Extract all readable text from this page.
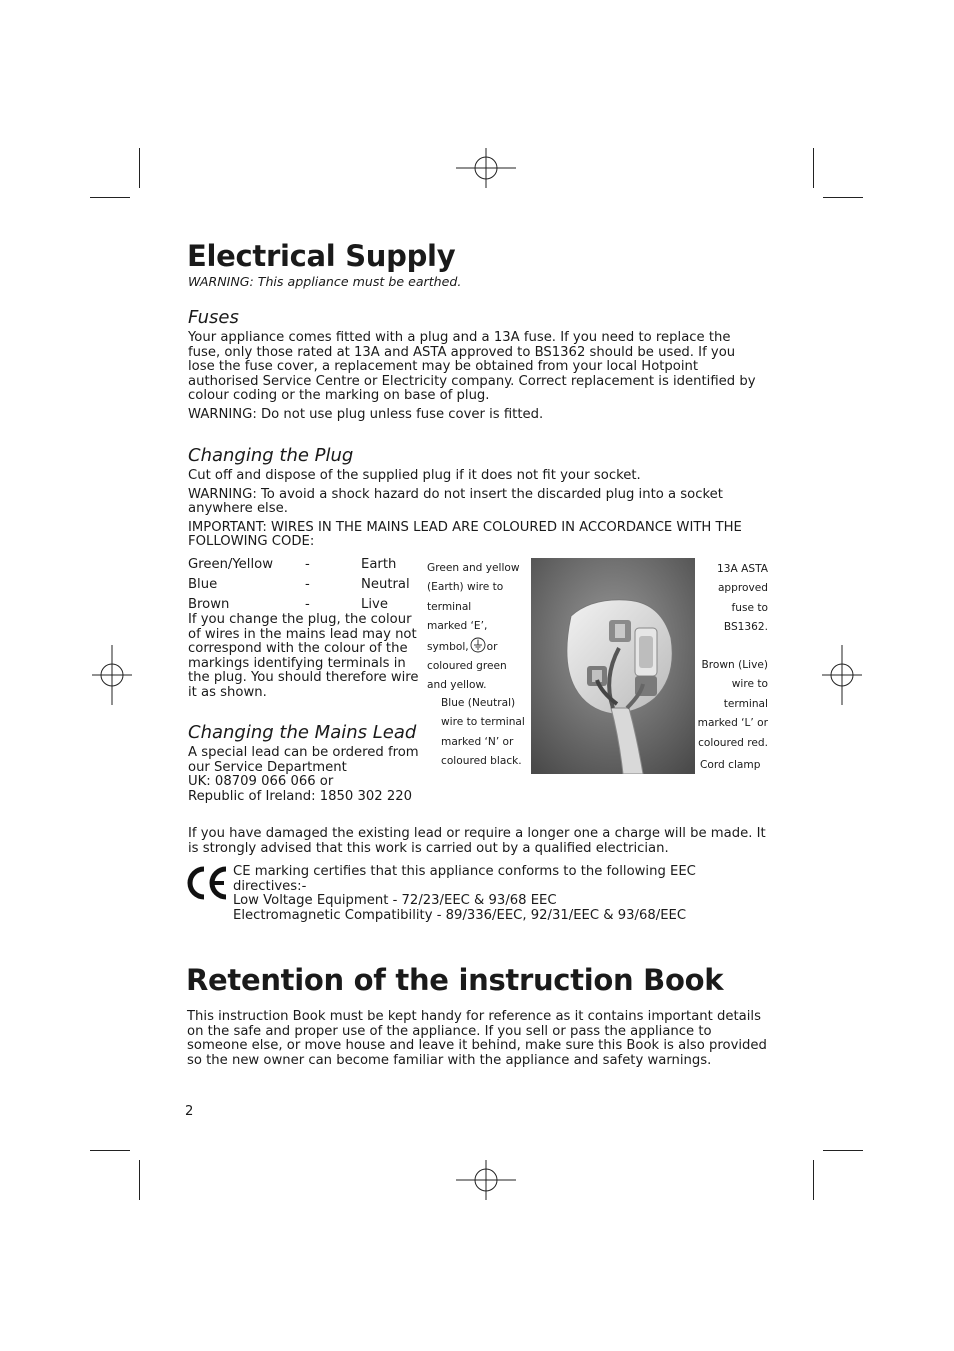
Electrical Supply
WARNING: This appliance must be earthed.
Fuses

Your appliance comes fitted with a plug and a 13A fuse. If you need to replace the fuse, only those rated at 13A and ASTA approved to BS1362 should be used. If you lose the fuse cover, a replacement may be obtained from your local Hotpoint authorised Service Centre or Electricity company. Correct replacement is identified by colour coding or the marking on base of plug.

WARNING: Do not use plug unless fuse cover is fitted.

Changing the Plug

Cut off and dispose of the supplied plug if it does not fit your socket.

WARNING: To avoid a shock hazard do not insert the discarded plug into a socket anywhere else.

IMPORTANT: WIRES IN THE MAINS LEAD ARE COLOURED IN ACCORDANCE WITH THE FOLLOWING CODE:

Green/Yellow	-	Earth
Blue	-	Neutral
Brown	-	Live
If you change the plug, the colour of wires in the mains lead may not correspond with the colour of the markings identifying terminals in the plug. You should therefore wire it as shown.
Green and yellow
(Earth) wire to
terminal
marked ‘E’,
symbol, or
coloured green
and yellow.
Blue (Neutral)
wire to terminal
marked ‘N’ or
coloured black.
13A ASTA
approved
fuse to
BS1362.
Brown (Live)
wire to
terminal
marked ‘L’ or
coloured red.
Cord clamp
Changing the Mains Lead
A special lead can be ordered from
our Service Department
UK: 08709 066 066 or
Republic of Ireland: 1850 302 220
If you have damaged the existing lead or require a longer one a charge will be made. It is strongly advised that this work is carried out by a qualified electrician.
CE marking certifies that this appliance conforms to the following EEC directives:-
Low Voltage Equipment - 72/23/EEC & 93/68 EEC
Electromagnetic Compatibility - 89/336/EEC, 92/31/EEC & 93/68/EEC
Retention of the instruction Book
This instruction Book must be kept handy for reference as it contains important details on the safe and proper use of the appliance. If you sell or pass the appliance to someone else, or move house and leave it behind, make sure this Book is also provided so the new owner can become familiar with the appliance and safety warnings.
2
